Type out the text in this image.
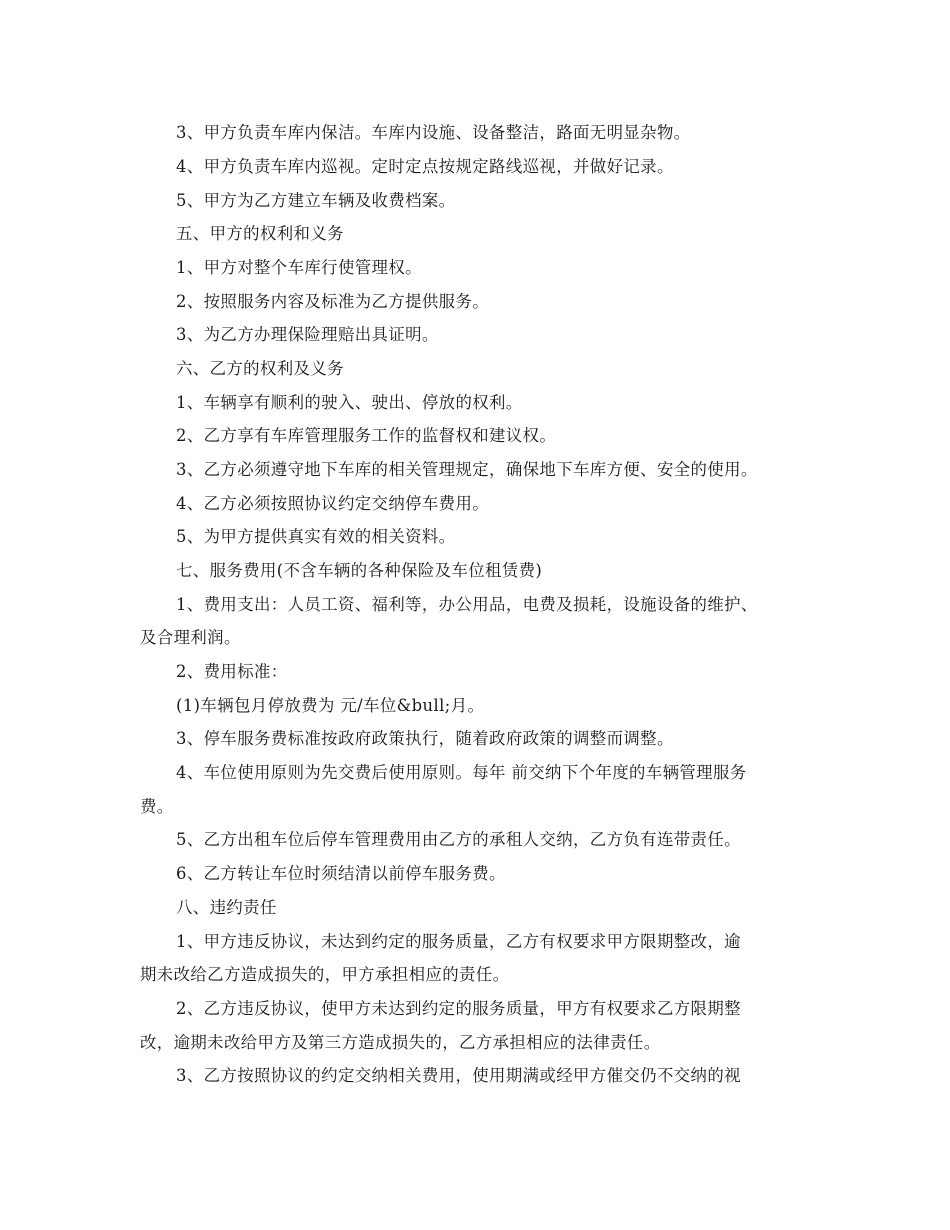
3、甲方负责车库内保洁。车库内设施、设备整洁，路面无明显杂物。

4、甲方负责车库内巡视。定时定点按规定路线巡视，并做好记录。

5、甲方为乙方建立车辆及收费档案。

五、甲方的权利和义务

1、甲方对整个车库行使管理权。

2、按照服务内容及标准为乙方提供服务。

3、为乙方办理保险理赔出具证明。

六、乙方的权利及义务

1、车辆享有顺利的驶入、驶出、停放的权利。

2、乙方享有车库管理服务工作的监督权和建议权。

3、乙方必须遵守地下车库的相关管理规定，确保地下车库方便、安全的使用。

4、乙方必须按照协议约定交纳停车费用。

5、为甲方提供真实有效的相关资料。

七、服务费用(不含车辆的各种保险及车位租赁费)

1、费用支出：人员工资、福利等，办公用品，电费及损耗，设施设备的维护、

及合理利润。

2、费用标准：

(1)车辆包月停放费为 元/车位&bull;月。

3、停车服务费标准按政府政策执行，随着政府政策的调整而调整。

4、车位使用原则为先交费后使用原则。每年 前交纳下个年度的车辆管理服务

费。

5、乙方出租车位后停车管理费用由乙方的承租人交纳，乙方负有连带责任。

6、乙方转让车位时须结清以前停车服务费。

八、违约责任

1、甲方违反协议，未达到约定的服务质量，乙方有权要求甲方限期整改，逾

期未改给乙方造成损失的，甲方承担相应的责任。

2、乙方违反协议，使甲方未达到约定的服务质量，甲方有权要求乙方限期整

改，逾期未改给甲方及第三方造成损失的，乙方承担相应的法律责任。

3、乙方按照协议的约定交纳相关费用，使用期满或经甲方催交仍不交纳的视
